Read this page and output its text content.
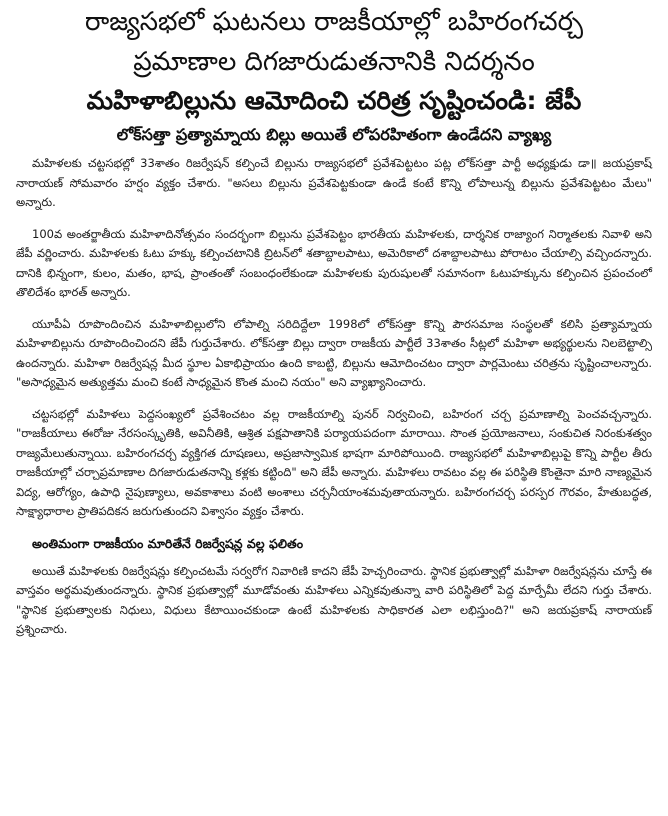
రాజ్యసభలో ఘటనలు రాజకీయాల్లో బహిరంగచర్చ
ప్రమాణాల దిగజారుడుతనానికి నిదర్శనం
మహిళాబిల్లును ఆమోదించి చరిత్ర సృష్టించండి: జేపీ
లోక్‌సత్తా ప్రత్యామ్నాయ బిల్లు అయితే లోపరహితంగా ఉండేదని వ్యాఖ్య

మహిళలకు చట్టసభల్లో 33శాతం రిజర్వేషన్ కల్పించే బిల్లును రాజ్యసభలో ప్రవేశపెట్టటం పట్ల లోక్‌సత్తా పార్టీ అధ్యక్షుడు డా॥ జయప్రకాష్ నారాయణ్ సోమవారం హర్షం వ్యక్తం చేశారు. "అసలు బిల్లును ప్రవేశపెట్టకుండా ఉండే కంటే కొన్ని లోపాలున్న బిల్లును ప్రవేశపెట్టటం మేలు" అన్నారు.

100వ అంతర్జాతీయ మహిళాదినోత్సవం సందర్భంగా బిల్లును ప్రవేశపెట్టం భారతీయ మహిళలకు, దార్శనిక రాజ్యాంగ నిర్మాతలకు నివాళి అని జేపీ వర్ణించారు. మహిళలకు ఓటు హక్కు కల్పించటానికి బ్రిటన్‌లో శతాబ్దాలపాటు, అమెరికాలో దశాబ్దాలపాటు పోరాటం చేయాల్సి వచ్చిందన్నారు. దానికి భిన్నంగా, కులం, మతం, భాష, ప్రాంతంతో సంబంధంలేకుండా మహిళలకు పురుషులతో సమానంగా ఓటుహక్కును కల్పించిన ప్రపంచంలో తొలిదేశం భారత్ అన్నారు.

యూపీఏ రూపొందించిన మహిళాబిల్లులోని లోపాల్ని సరిదిద్దేలా 1998లో లోక్‌సత్తా కొన్ని పౌరసమాజ సంస్థలతో కలిసి ప్రత్యామ్నాయ మహిళాబిల్లును రూపొందించిందని జేపీ గుర్తుచేశారు. లోక్‌సత్తా బిల్లు ద్వారా రాజకీయ పార్టీలే 33శాతం సీట్లలో మహిళా అభ్యర్థులను నిలబెట్టాల్సి ఉందన్నారు. మహిళా రిజర్వేషన్ల మీద స్థూల ఏకాభిప్రాయం ఉంది కాబట్టి, బిల్లును ఆమోదించటం ద్వారా పార్లమెంటు చరిత్రను సృష్టించాలన్నారు. "అసాధ్యమైన అత్యుత్తమ మంచి కంటే సాధ్యమైన కొంత మంచి నయం" అని వ్యాఖ్యానించారు.

చట్టసభల్లో మహిళలు పెద్దసంఖ్యలో ప్రవేశించటం వల్ల రాజకీయాల్ని పునర్ నిర్వచించి, బహిరంగ చర్చ ప్రమాణాల్ని పెంచవచ్చన్నారు. "రాజకీయాలు ఈరోజు నేరసంస్కృతికి, అవినీతికి, ఆశ్రిత పక్షపాతానికి పర్యాయపదంగా మారాయి. సొంత ప్రయోజనాలు, సంకుచిత నిరంకుశత్వం రాజ్యమేలుతున్నాయి. బహిరంగచర్చ వ్యక్తిగత దూషణలు, అప్రజాస్వామిక భాషగా మారిపోయింది. రాజ్యసభలో మహిళాబిల్లుపై కొన్ని పార్టీల తీరు రాజకీయాల్లో చర్చాప్రమాణాల దిగజారుడుతనాన్ని కళ్లకు కట్టింది" అని జేపీ అన్నారు. మహిళలు రావటం వల్ల ఈ పరిస్థితి కొంతైనా మారి నాణ్యమైన విద్య, ఆరోగ్యం, ఉపాధి నైపుణ్యాలు, అవకాశాలు వంటి అంశాలు చర్చనీయాంశమవుతాయన్నారు. బహిరంగచర్చ పరస్పర గౌరవం, హేతుబద్ధత, సాక్ష్యాధారాల ప్రాతిపదికన జరుగుతుందని విశ్వాసం వ్యక్తం చేశారు.

అంతిమంగా రాజకీయం మారితేనే రిజర్వేషన్ల వల్ల ఫలితం

అయితే మహిళలకు రిజర్వేషన్లు కల్పించటమే సర్వరోగ నివారిణి కాదని జేపీ హెచ్చరించారు. స్థానిక ప్రభుత్వాల్లో మహిళా రిజర్వేషన్లను చూస్తే ఈ వాస్తవం అర్థమవుతుందన్నారు. స్థానిక ప్రభుత్వాల్లో మూడోవంతు మహిళలు ఎన్నికవుతున్నా వారి పరిస్థితిలో పెద్ద మార్పేమీ లేదని గుర్తు చేశారు. "స్థానిక ప్రభుత్వాలకు నిధులు, విధులు కేటాయించకుండా ఉంటే మహిళలకు సాధికారత ఎలా లభిస్తుంది?" అని జయప్రకాష్ నారాయణ్ ప్రశ్నించారు.
